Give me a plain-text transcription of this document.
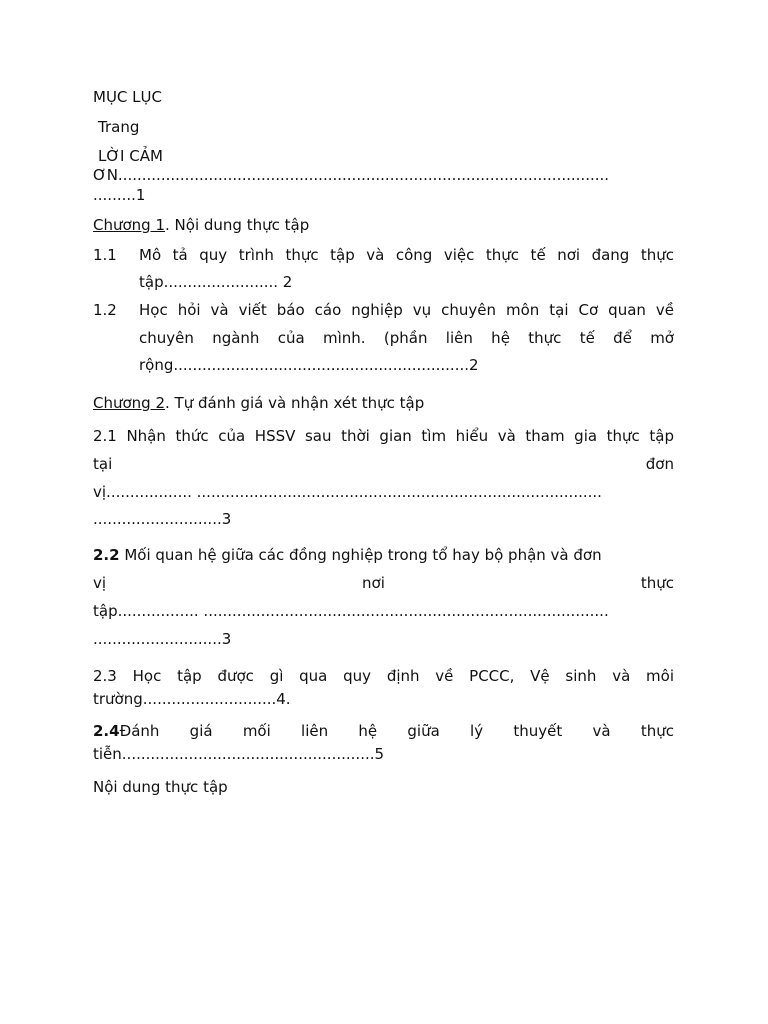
MỤC LỤC
Trang
LỜI CẢM
ƠN.......................................................................................................
.........1
Chương 1. Nội dung thực tập
1.1 Mô tả quy trình thực tập và công việc thực tế nơi đang thực
tập........................ 2
1.2 Học hỏi và viết báo cáo nghiệp vụ chuyên môn tại Cơ quan về
chuyên ngành của mình. (phần liên hệ thực tế để mở
rộng..............................................................2
Chương 2. Tự đánh giá và nhận xét thực tập
2.1 Nhận thức của HSSV sau thời gian tìm hiểu và tham gia thực tập
tại đơn
vị.................. .....................................................................................
...........................3
2.2 Mối quan hệ giữa các đồng nghiệp trong tổ hay bộ phận và đơn
vị nơi thực
tập................. .....................................................................................
...........................3
2.3 Học tập được gì qua quy định về PCCC, Vệ sinh và môi
trường............................4.
2.4 Đánh giá mối liên hệ giữa lý thuyết và thực
tiễn.....................................................5
Nội dung thực tập
